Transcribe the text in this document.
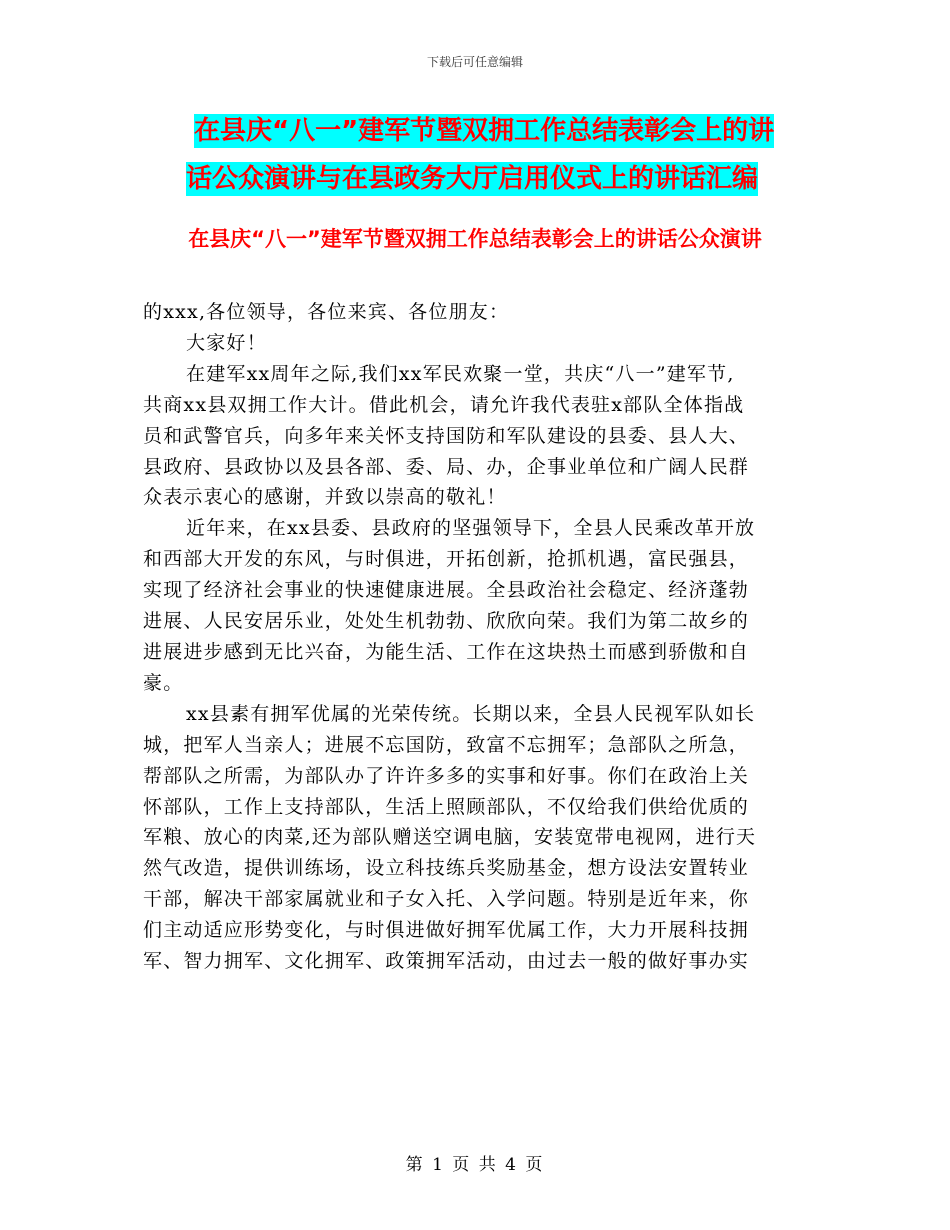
下载后可任意编辑
在县庆“八一”建军节暨双拥工作总结表彰会上的讲
话公众演讲与在县政务大厅启用仪式上的讲话汇编
在县庆“八一”建军节暨双拥工作总结表彰会上的讲话公众演讲

的xxx,各位领导，各位来宾、各位朋友：

大家好！

在建军xx周年之际,我们xx军民欢聚一堂，共庆“八一”建军节,

共商xx县双拥工作大计。借此机会，请允许我代表驻x部队全体指战

员和武警官兵，向多年来关怀支持国防和军队建设的县委、县人大、

县政府、县政协以及县各部、委、局、办，企事业单位和广阔人民群

众表示衷心的感谢，并致以崇高的敬礼！

近年来，在xx县委、县政府的坚强领导下，全县人民乘改革开放

和西部大开发的东风，与时俱进，开拓创新，抢抓机遇，富民强县，

实现了经济社会事业的快速健康进展。全县政治社会稳定、经济蓬勃

进展、人民安居乐业，处处生机勃勃、欣欣向荣。我们为第二故乡的

进展进步感到无比兴奋，为能生活、工作在这块热土而感到骄傲和自

豪。

xx县素有拥军优属的光荣传统。长期以来，全县人民视军队如长

城，把军人当亲人；进展不忘国防，致富不忘拥军；急部队之所急，

帮部队之所需，为部队办了许许多多的实事和好事。你们在政治上关

怀部队，工作上支持部队，生活上照顾部队，不仅给我们供给优质的

军粮、放心的肉菜,还为部队赠送空调电脑，安装宽带电视网，进行天

然气改造，提供训练场，设立科技练兵奖励基金，想方设法安置转业

干部，解决干部家属就业和子女入托、入学问题。特别是近年来，你

们主动适应形势变化，与时俱进做好拥军优属工作，大力开展科技拥

军、智力拥军、文化拥军、政策拥军活动，由过去一般的做好事办实

第 1 页 共 4 页
